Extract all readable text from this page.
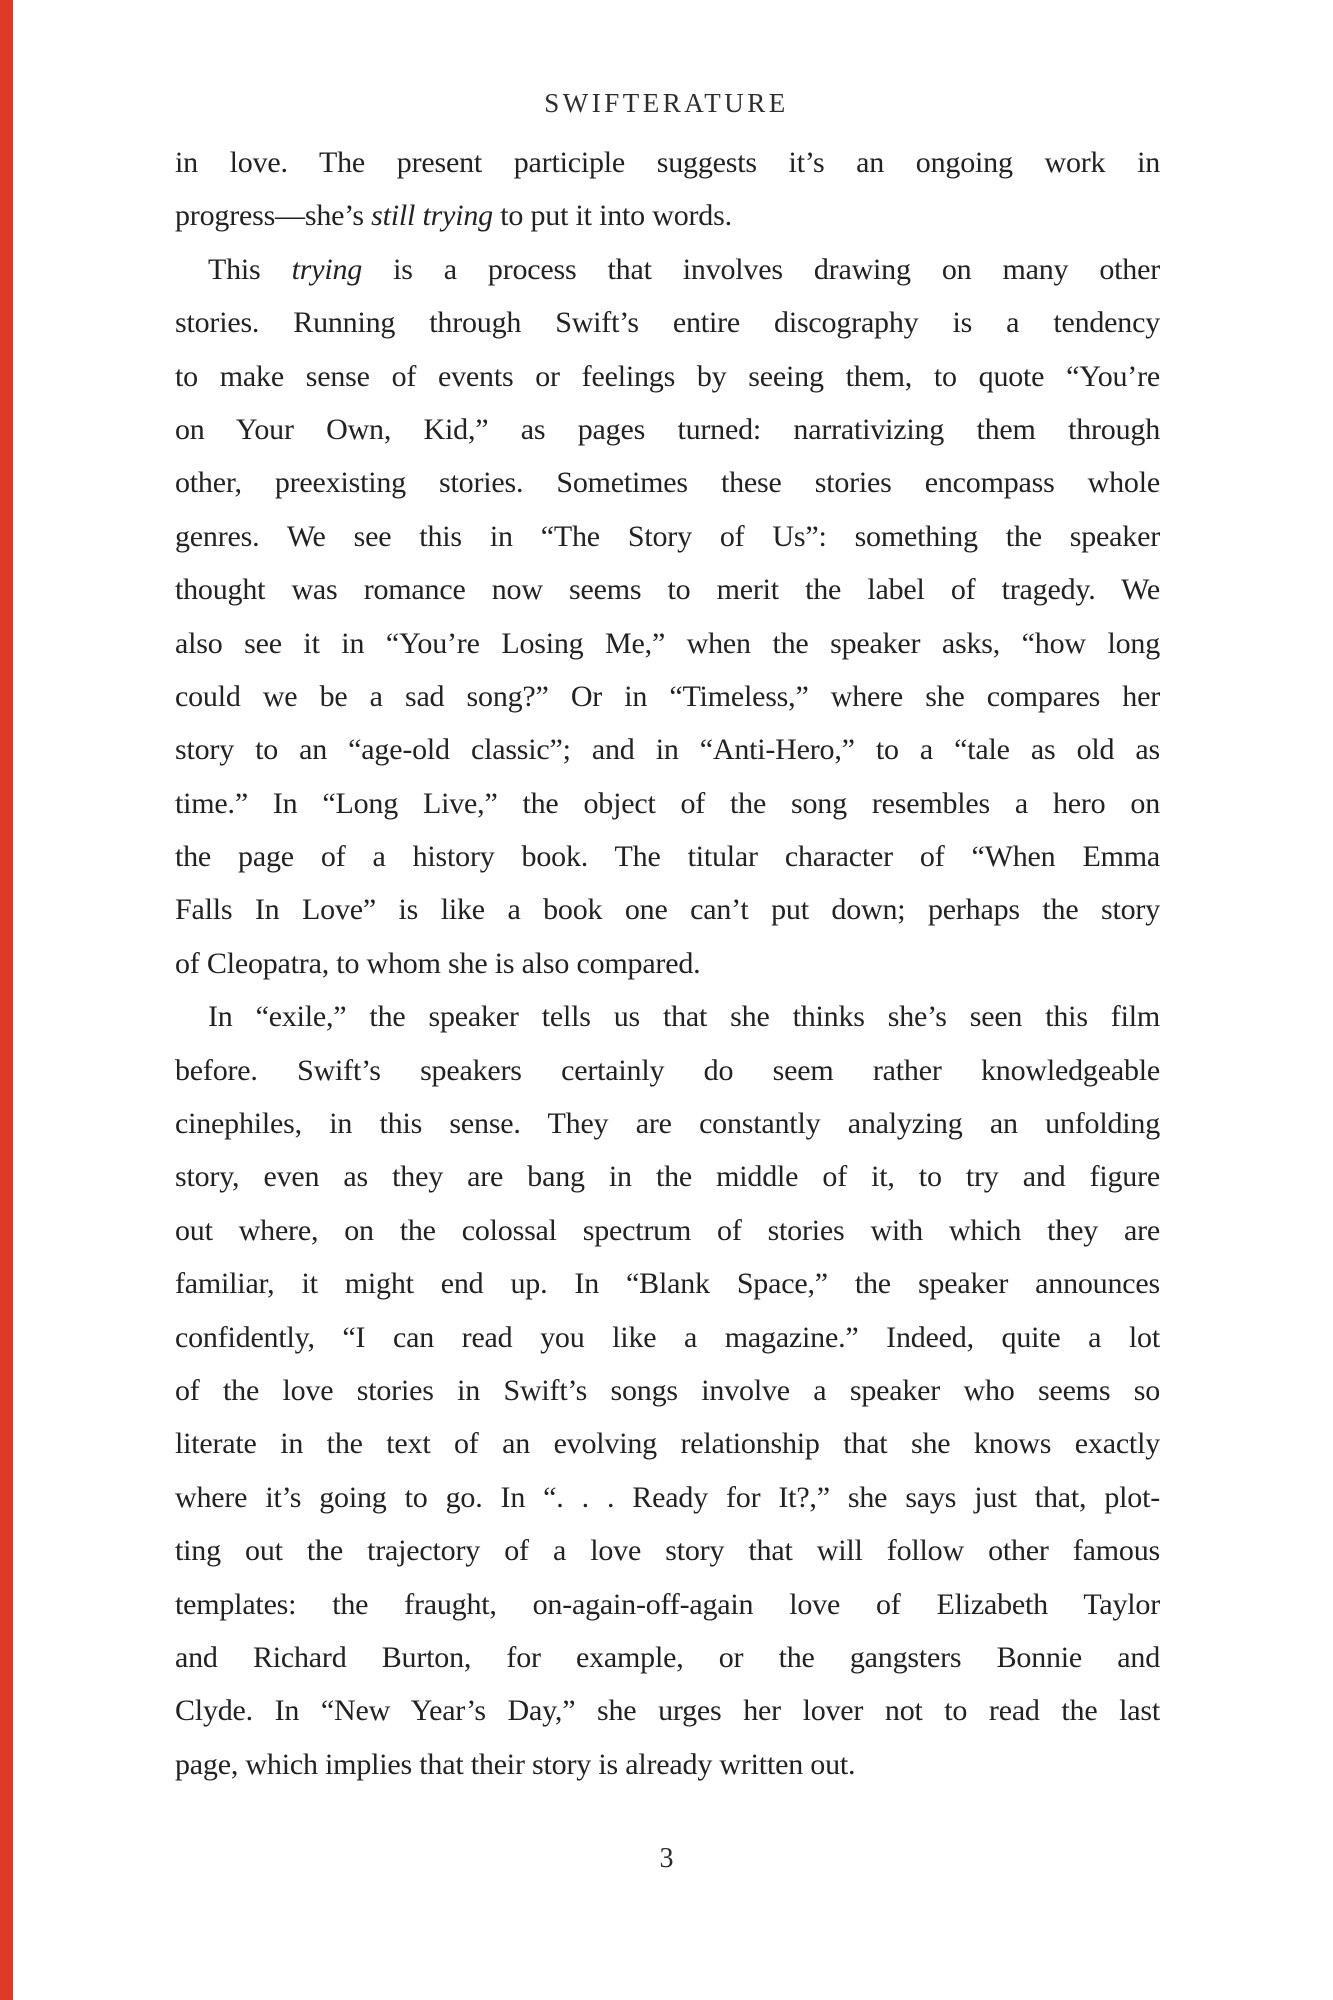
SWIFTERATURE
in love. The present participle suggests it’s an ongoing work in
progress—she’s still trying to put it into words.
This trying is a process that involves drawing on many other
stories. Running through Swift’s entire discography is a tendency
to make sense of events or feelings by seeing them, to quote “You’re
on Your Own, Kid,” as pages turned: narrativizing them through
other, preexisting stories. Sometimes these stories encompass whole
genres. We see this in “The Story of Us”: something the speaker
thought was romance now seems to merit the label of tragedy. We
also see it in “You’re Losing Me,” when the speaker asks, “how long
could we be a sad song?” Or in “Timeless,” where she compares her
story to an “age-old classic”; and in “Anti-Hero,” to a “tale as old as
time.” In “Long Live,” the object of the song resembles a hero on
the page of a history book. The titular character of “When Emma
Falls In Love” is like a book one can’t put down; perhaps the story
of Cleopatra, to whom she is also compared.
In “exile,” the speaker tells us that she thinks she’s seen this film
before. Swift’s speakers certainly do seem rather knowledgeable
cinephiles, in this sense. They are constantly analyzing an unfolding
story, even as they are bang in the middle of it, to try and figure
out where, on the colossal spectrum of stories with which they are
familiar, it might end up. In “Blank Space,” the speaker announces
confidently, “I can read you like a magazine.” Indeed, quite a lot
of the love stories in Swift’s songs involve a speaker who seems so
literate in the text of an evolving relationship that she knows exactly
where it’s going to go. In “. . . Ready for It?,” she says just that, plot-
ting out the trajectory of a love story that will follow other famous
templates: the fraught, on-again-off-again love of Elizabeth Taylor
and Richard Burton, for example, or the gangsters Bonnie and
Clyde. In “New Year’s Day,” she urges her lover not to read the last
page, which implies that their story is already written out.
3
